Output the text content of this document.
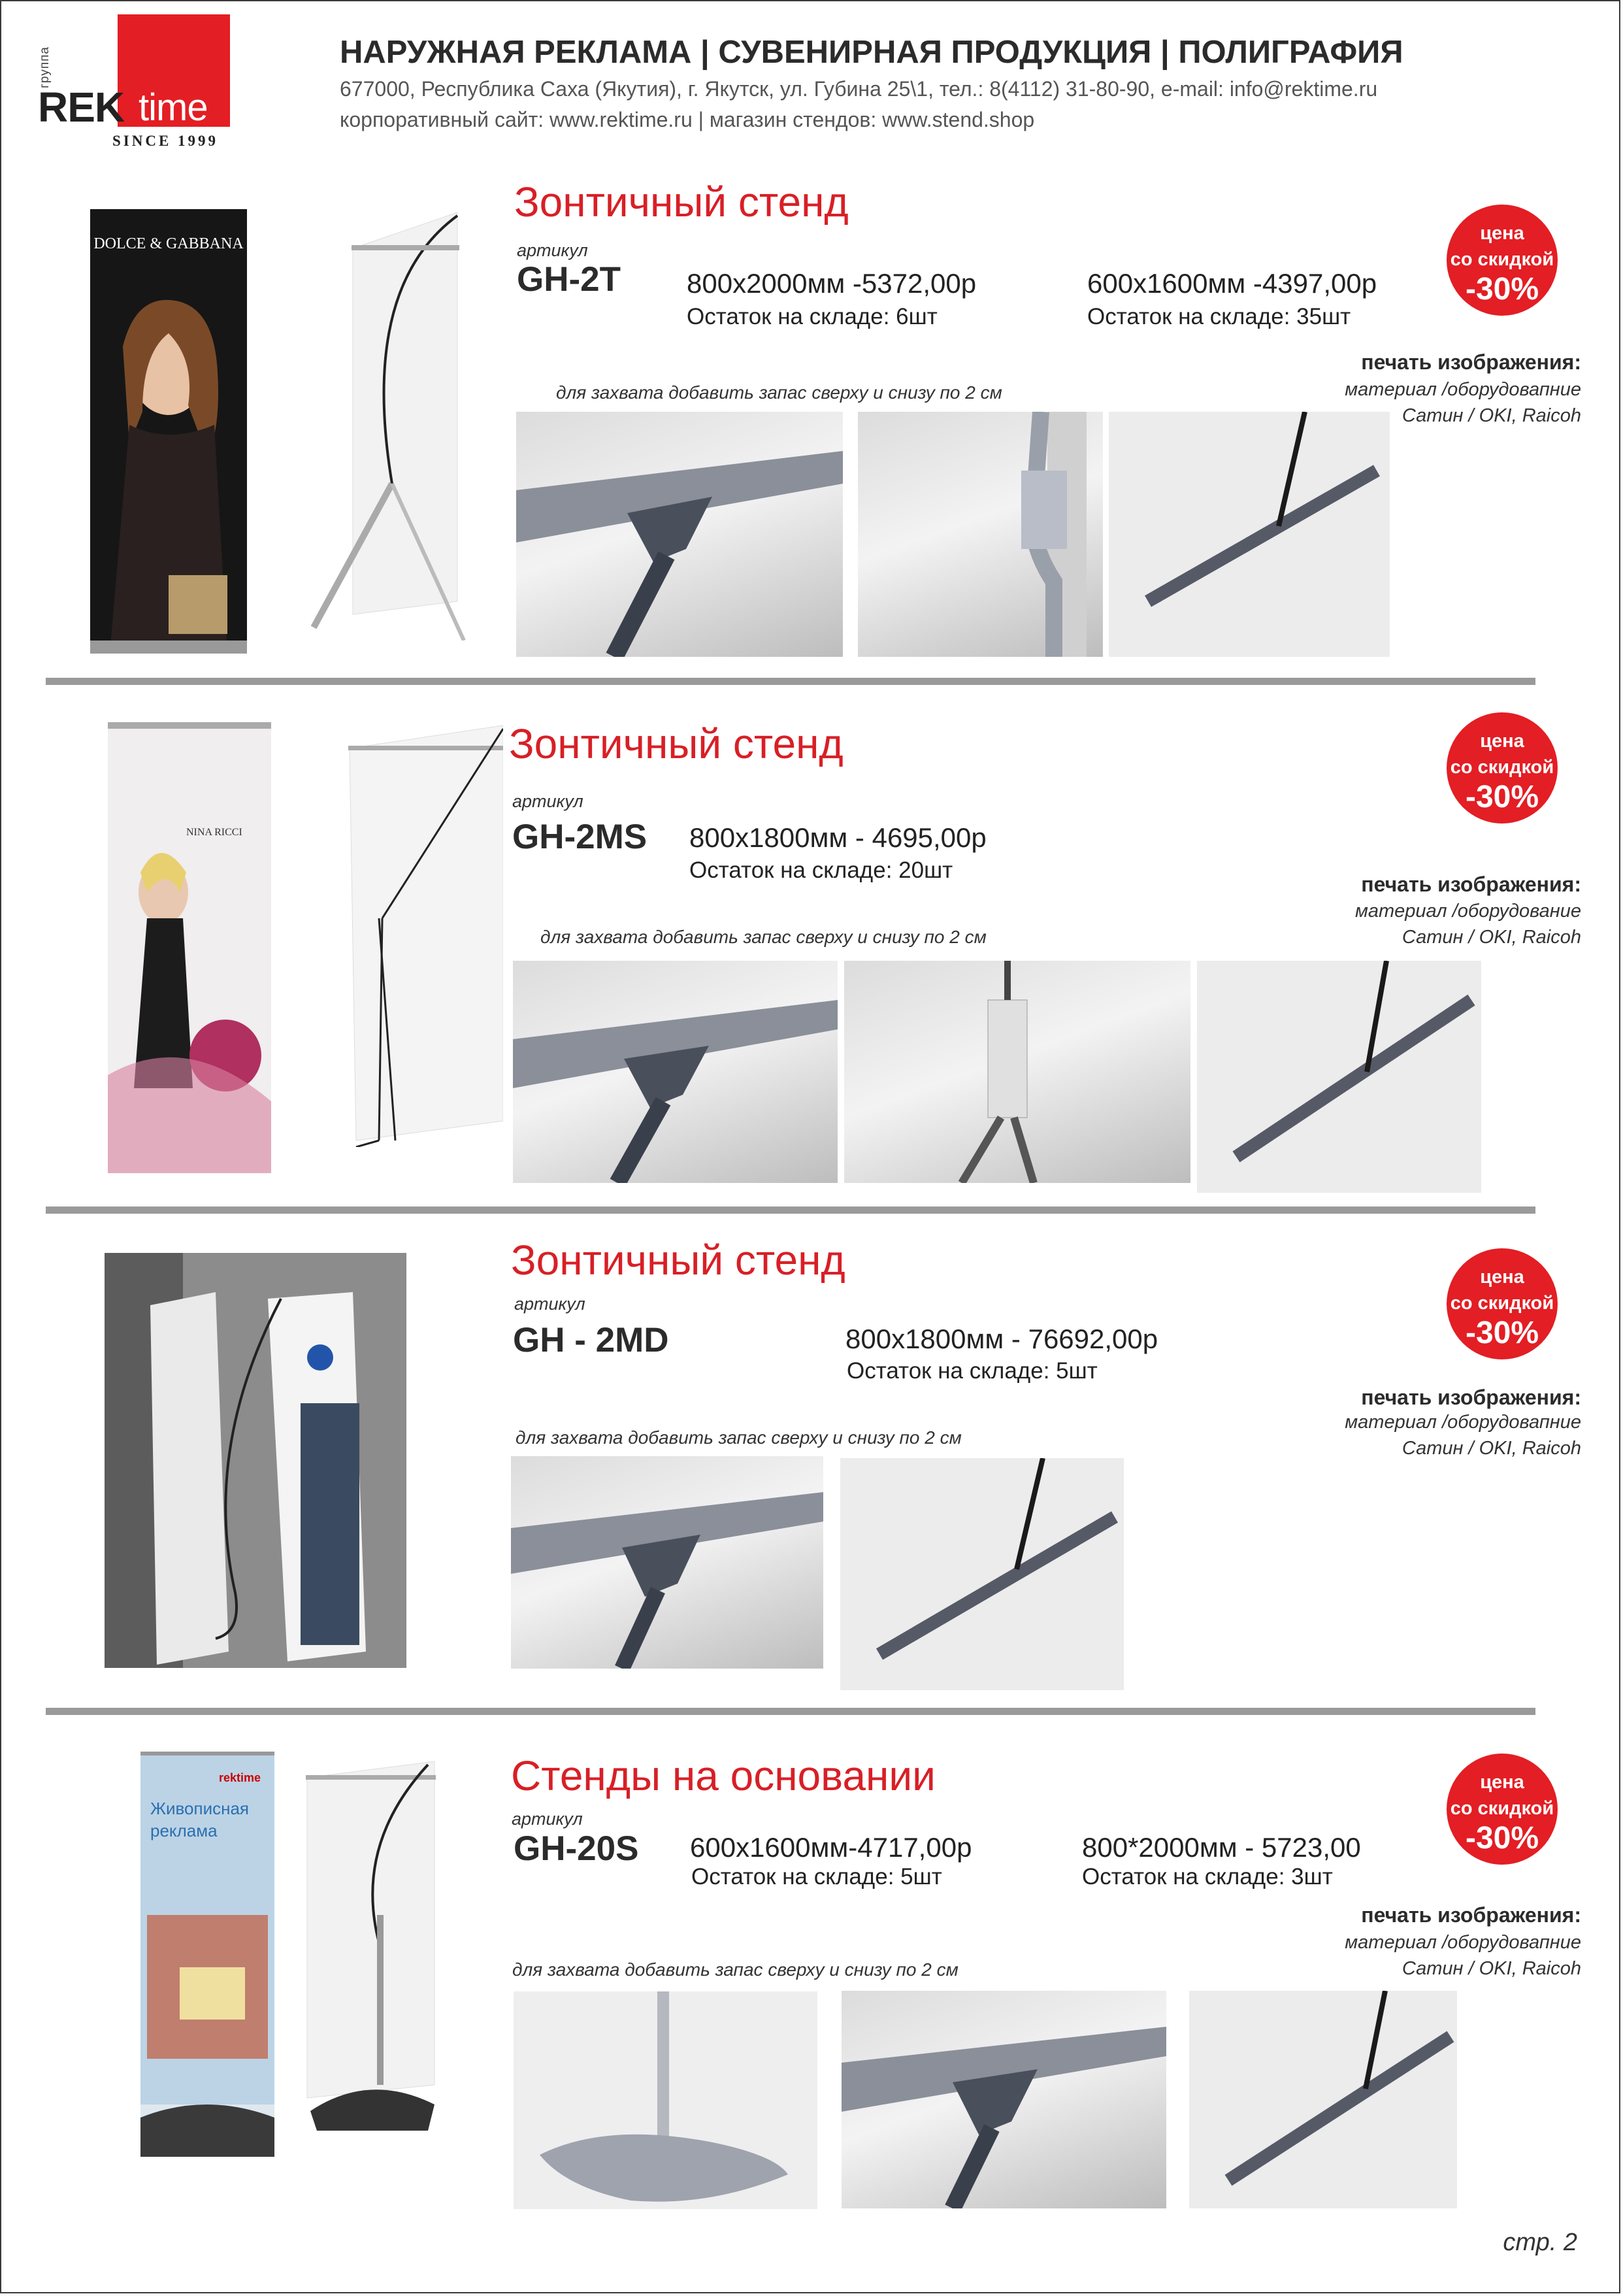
группа
REK time
SINCE 1999
НАРУЖНАЯ РЕКЛАМА | СУВЕНИРНАЯ ПРОДУКЦИЯ | ПОЛИГРАФИЯ
677000, Республика Саха (Якутия), г. Якутск, ул. Губина 25\1, тел.: 8(4112) 31-80-90, e-mail: info@rektime.ru
корпоративный сайт: www.rektime.ru | магазин стендов: www.stend.shop
DOLCE & GABBANA
Зонтичный стенд
артикул
GH-2T 800x2000мм -5372,00р
Остаток на складе: 6шт
600x1600мм -4397,00р
Остаток на складе: 35шт
цена
со скидкой
-30%
печать изображения:
материал /оборудовапние
Сатин / OKI, Raicoh
для захвата добавить запас сверху и снизу по 2 см
NINA RICCI
Зонтичный стенд
артикул
GH-2MS 800x1800мм - 4695,00р
Остаток на складе: 20шт
цена
со скидкой
-30%
печать изображения:
материал /оборудование
Сатин / OKI, Raicoh
для захвата добавить запас сверху и снизу по 2 см
Зонтичный стенд
артикул
GH - 2MD	800x1800мм - 76692,00р
Остаток на складе: 5шт
цена
со скидкой
-30%
печать изображения:
материал /оборудовапние
Сатин / OKI, Raicoh
для захвата добавить запас сверху и снизу по 2 см
rektime
Живописная реклама
Стенды на основании
артикул
GH-20S 600x1600мм-4717,00р
Остаток на складе: 5шт
800*2000мм - 5723,00
Остаток на складе: 3шт
цена
со скидкой
-30%
печать изображения:
материал /оборудовапние
Сатин / OKI, Raicoh
для захвата добавить запас сверху и снизу по 2 см
стр. 2
